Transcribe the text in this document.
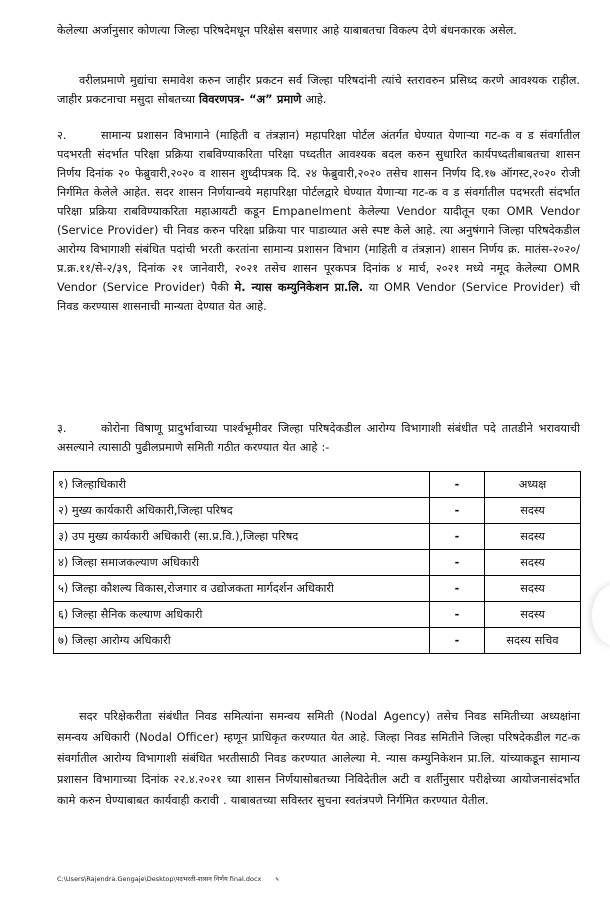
केलेल्या अर्जानुसार कोणत्या जिल्हा परिषदेमधून परिक्षेस बसणार आहे याबाबतचा विकल्प देणे बंधनकारक असेल.

वरीलप्रमाणे मुद्यांचा समावेश करुन जाहीर प्रकटन सर्व जिल्हा परिषदांनी त्यांचे स्तरावरुन प्रसिध्द करणे आवश्यक राहील. जाहीर प्रकटनाचा मसुदा सोबतच्या विवरणपत्र- “अ” प्रमाणे आहे.

२.	सामान्य प्रशासन विभागाने (माहिती व तंत्रज्ञान) महापरिक्षा पोर्टल अंतर्गत घेण्यात येणाऱ्या गट-क व ड संवर्गातील पदभरती संदर्भात परिक्षा प्रक्रिया राबविण्याकरिता परिक्षा पध्दतीत आवश्यक बदल करुन सुधारित कार्यपध्दतीबाबतचा शासन निर्णय दिनांक २० फेब्रुवारी,२०२० व शासन शुध्दीपत्रक दि. २४ फेब्रुवारी,२०२० तसेच शासन निर्णय दि.१७ ऑगस्ट,२०२० रोजी निर्गमित केलेले आहेत. सदर शासन निर्णयान्वये महापरिक्षा पोर्टलद्वारे घेण्यात येणाऱ्या गट-क व ड संवर्गातील पदभरती संदर्भात परिक्षा प्रक्रिया राबविण्याकरिता महाआयटी कडून Empanelment केलेल्या Vendor यादीतून एका OMR Vendor (Service Provider) ची निवड करुन परिक्षा प्रक्रिया पार पाडाव्यात असे स्पष्ट केले आहे. त्या अनुषंगाने जिल्हा परिषदेकडील आरोग्य विभागाशी संबंधित पदांची भरती करतांना सामान्य प्रशासन विभाग (माहिती व तंत्रज्ञान) शासन निर्णय क्र. मातंस-२०२०/प्र.क्र.११/से-२/३९, दिनांक २१ जानेवारी, २०२१ तसेच शासन पूरकपत्र दिनांक ४ मार्च, २०२१ मध्ये नमूद केलेल्या OMR Vendor (Service Provider) पैकी मे. न्यास कम्युनिकेशन प्रा.लि. या OMR Vendor (Service Provider) ची निवड करण्यास शासनाची मान्यता देण्यात येत आहे.

३.	कोरोना विषाणू प्रादुर्भावाच्या पार्श्वभूमीवर जिल्हा परिषदेकडील आरोग्य विभागाशी संबंधीत पदे तातडीने भरावयाची असल्याने त्यासाठी पुढीलप्रमाणे समिती गठीत करण्यात येत आहे :-

१) जिल्हाधिकारी	-	अध्यक्ष
२) मुख्य कार्यकारी अधिकारी,जिल्हा परिषद	-	सदस्य
३) उप मुख्य कार्यकारी अधिकारी (सा.प्र.वि.),जिल्हा परिषद	-	सदस्य
४) जिल्हा समाजकल्याण अधिकारी	-	सदस्य
५) जिल्हा कौशल्य विकास,रोजगार व उद्योजकता मार्गदर्शन अधिकारी	-	सदस्य
६) जिल्हा सैनिक कल्याण अधिकारी	-	सदस्य
७) जिल्हा आरोग्य अधिकारी	-	सदस्य सचिव

सदर परिक्षेकरीता संबंधीत निवड समित्यांना समन्वय समिती (Nodal Agency) तसेच निवड समितीच्या अध्यक्षांना समन्वय अधिकारी (Nodal Officer) म्हणून प्राधिकृत करण्यात येत आहे. जिल्हा निवड समितीने जिल्हा परिषदेकडील गट-क संवर्गातील आरोग्य विभागाशी संबंधित भरतीसाठी निवड करण्यात आलेल्या मे. न्यास कम्युनिकेशन प्रा.लि. यांच्याकडून सामान्य प्रशासन विभागाच्या दिनांक २२.४.२०२१ च्या शासन निर्णयासोबतच्या निविदेतील अटी व शर्तीनुसार परीक्षेच्या आयोजनासंदर्भात कामे करुन घेण्याबाबत कार्यवाही करावी . याबाबतच्या सविस्तर सुचना स्वतंत्रपणे निर्गमित करण्यात येतील.

C:\Users\Rajendra.Gengaje\Desktop\पदभरती-शासन निर्णय final.docx ५
